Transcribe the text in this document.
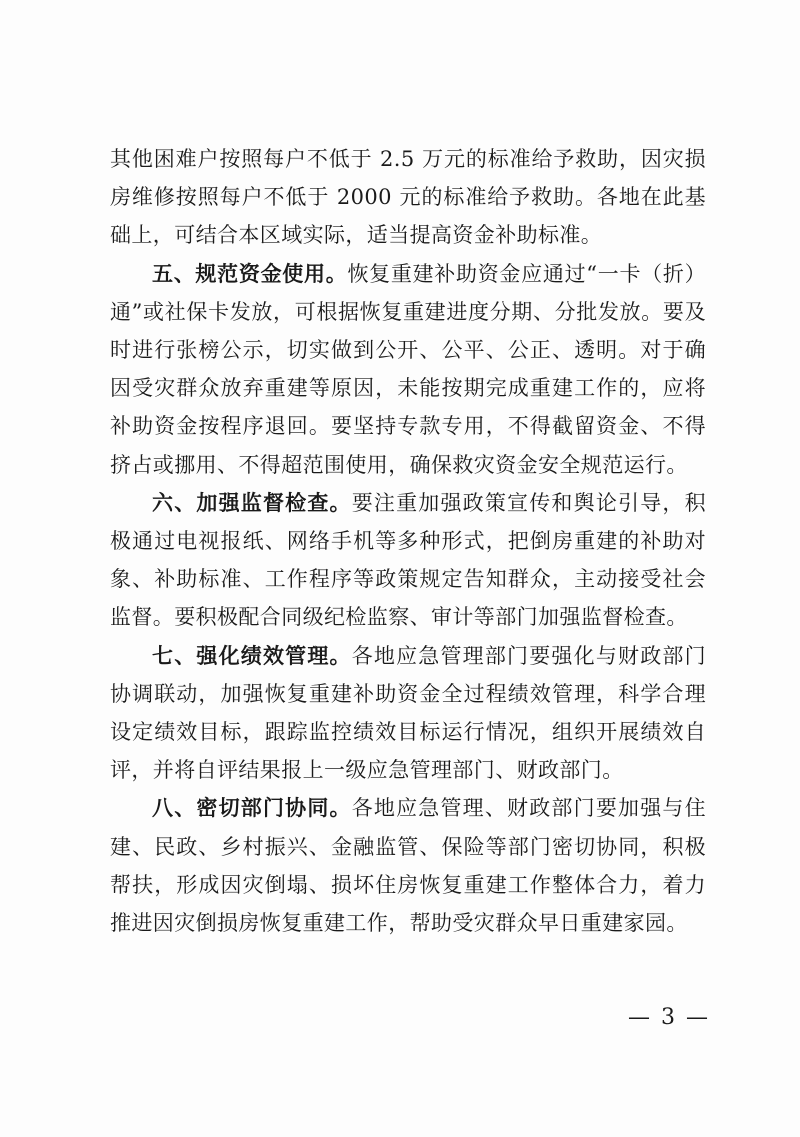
其他困难户按照每户不低于 2.5 万元的标准给予救助，因灾损房维修按照每户不低于 2000 元的标准给予救助。各地在此基础上，可结合本区域实际，适当提高资金补助标准。

五、规范资金使用。恢复重建补助资金应通过“一卡（折）通”或社保卡发放，可根据恢复重建进度分期、分批发放。要及时进行张榜公示，切实做到公开、公平、公正、透明。对于确因受灾群众放弃重建等原因，未能按期完成重建工作的，应将补助资金按程序退回。要坚持专款专用，不得截留资金、不得挤占或挪用、不得超范围使用，确保救灾资金安全规范运行。

六、加强监督检查。要注重加强政策宣传和舆论引导，积极通过电视报纸、网络手机等多种形式，把倒房重建的补助对象、补助标准、工作程序等政策规定告知群众，主动接受社会监督。要积极配合同级纪检监察、审计等部门加强监督检查。

七、强化绩效管理。各地应急管理部门要强化与财政部门协调联动，加强恢复重建补助资金全过程绩效管理，科学合理设定绩效目标，跟踪监控绩效目标运行情况，组织开展绩效自评，并将自评结果报上一级应急管理部门、财政部门。

八、密切部门协同。各地应急管理、财政部门要加强与住建、民政、乡村振兴、金融监管、保险等部门密切协同，积极帮扶，形成因灾倒塌、损坏住房恢复重建工作整体合力，着力推进因灾倒损房恢复重建工作，帮助受灾群众早日重建家园。

— 3 —
